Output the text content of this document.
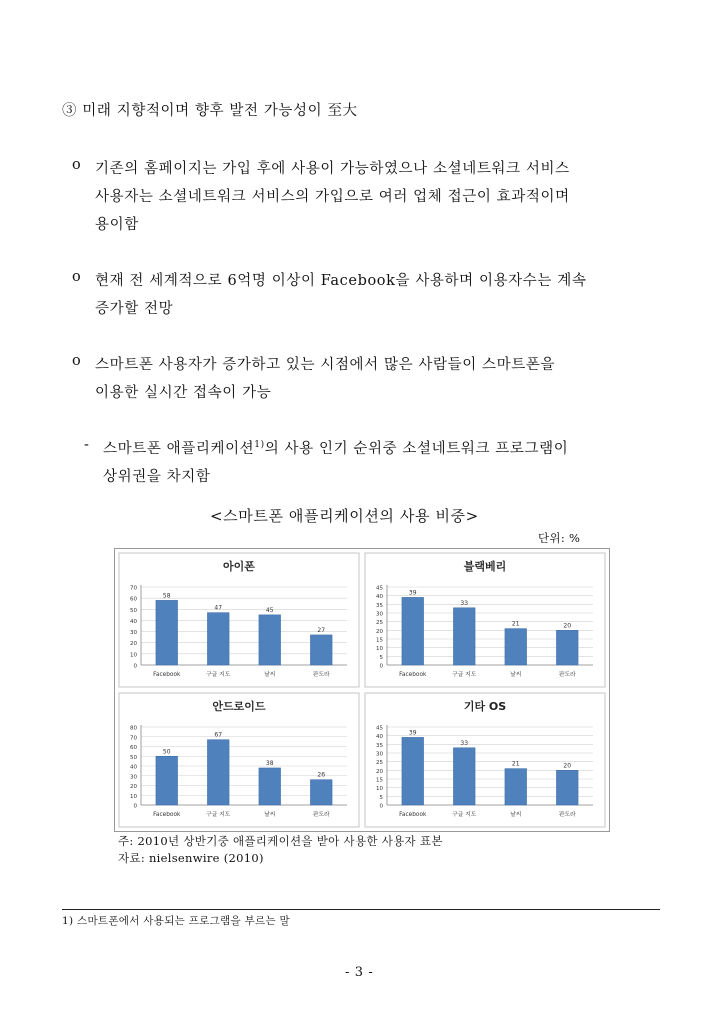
③ 미래 지향적이며 향후 발전 가능성이 至大
o 기존의 홈페이지는 가입 후에 사용이 가능하였으나 소셜네트워크 서비스
사용자는 소셜네트워크 서비스의 가입으로 여러 업체 접근이 효과적이며
용이함
o 현재 전 세계적으로 6억명 이상이 Facebook을 사용하며 이용자수는 계속
증가할 전망
o 스마트폰 사용자가 증가하고 있는 시점에서 많은 사람들이 스마트폰을
이용한 실시간 접속이 가능
- 스마트폰 애플리케이션$^{1)}$의 사용 인기 순위중 소셜네트워크 프로그램이
상위권을 차지함
<스마트폰 애플리케이션의 사용 비중>
단위: %
아이폰
0
10
20
30
40
50
60
70
58
Facebook
47
구글 지도
45
날씨
27
판도라
블랙베리
0
5
10
15
20
25
30
35
40
45
39
Facebook
33
구글 지도
21
날씨
20
판도라
안드로이드
0
10
20
30
40
50
60
70
80
50
Facebook
67
구글 지도
38
날씨
26
판도라
기타 OS
0
5
10
15
20
25
30
35
40
45
39
Facebook
33
구글 지도
21
날씨
20
판도라
주: 2010년 상반기중 애플리케이션을 받아 사용한 사용자 표본
자료: nielsenwire (2010)
1) 스마트폰에서 사용되는 프로그램을 부르는 말
- 3 -
